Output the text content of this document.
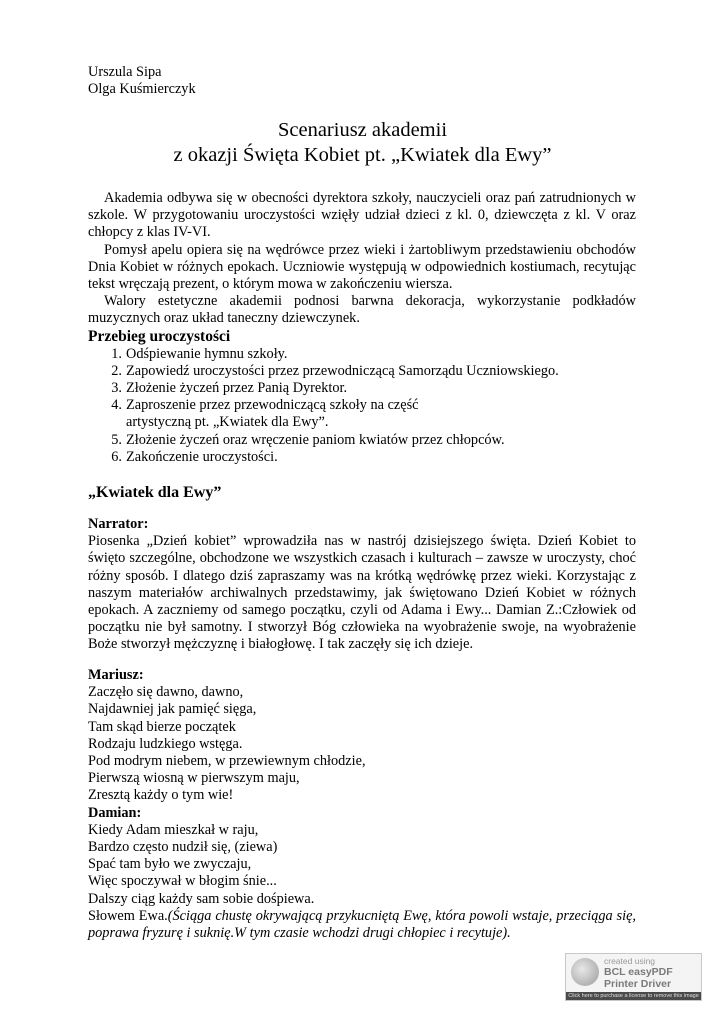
Urszula Sipa
Olga Kuśmierczyk
Scenariusz akademii
z okazji Święta Kobiet pt. „Kwiatek dla Ewy”

Akademia odbywa się w obecności dyrektora szkoły, nauczycieli oraz pań zatrudnionych w szkole. W przygotowaniu uroczystości wzięły udział dzieci z kl. 0, dziewczęta z kl. V oraz chłopcy z klas IV-VI.

Pomysł apelu opiera się na wędrówce przez wieki i żartobliwym przedstawieniu obchodów Dnia Kobiet w różnych epokach. Uczniowie występują w odpowiednich kostiumach, recytując tekst wręczają prezent, o którym mowa w zakończeniu wiersza.

Walory estetyczne akademii podnosi barwna dekoracja, wykorzystanie podkładów muzycznych oraz układ taneczny dziewczynek.

Przebieg uroczystości

1. Odśpiewanie hymnu szkoły.
2. Zapowiedź uroczystości przez przewodniczącą Samorządu Uczniowskiego.
3. Złożenie życzeń przez Panią Dyrektor.
4. Zaproszenie przez przewodniczącą szkoły na część artystyczną pt. „Kwiatek dla Ewy”.
5. Złożenie życzeń oraz wręczenie paniom kwiatów przez chłopców.
6. Zakończenie uroczystości.
„Kwiatek dla Ewy”

Narrator:

Piosenka „Dzień kobiet” wprowadziła nas w nastrój dzisiejszego święta. Dzień Kobiet to święto szczególne, obchodzone we wszystkich czasach i kulturach – zawsze w uroczysty, choć różny sposób. I dlatego dziś zapraszamy was na krótką wędrówkę przez wieki. Korzystając z naszym materiałów archiwalnych przedstawimy, jak świętowano Dzień Kobiet w różnych epokach. A zaczniemy od samego początku, czyli od Adama i Ewy... Damian Z.:Człowiek od początku nie był samotny. I stworzył Bóg człowieka na wyobrażenie swoje, na wyobrażenie Boże stworzył mężczyznę i białogłowę. I tak zaczęły się ich dzieje.

Mariusz:

Zaczęło się dawno, dawno,

Najdawniej jak pamięć sięga,

Tam skąd bierze początek

Rodzaju ludzkiego wstęga.

Pod modrym niebem, w przewiewnym chłodzie,

Pierwszą wiosną w pierwszym maju,

Zresztą każdy o tym wie!

Damian:

Kiedy Adam mieszkał w raju,

Bardzo często nudził się, (ziewa)

Spać tam było we zwyczaju,

Więc spoczywał w błogim śnie...

Dalszy ciąg każdy sam sobie dośpiewa.

Słowem Ewa.(Ściąga chustę okrywającą przykucniętą Ewę, która powoli wstaje, przeciąga się, poprawa fryzurę i suknię.W tym czasie wchodzi drugi chłopiec i recytuje).

created using
BCL easyPDF
Printer Driver
Click here to purchase a license to remove this image
